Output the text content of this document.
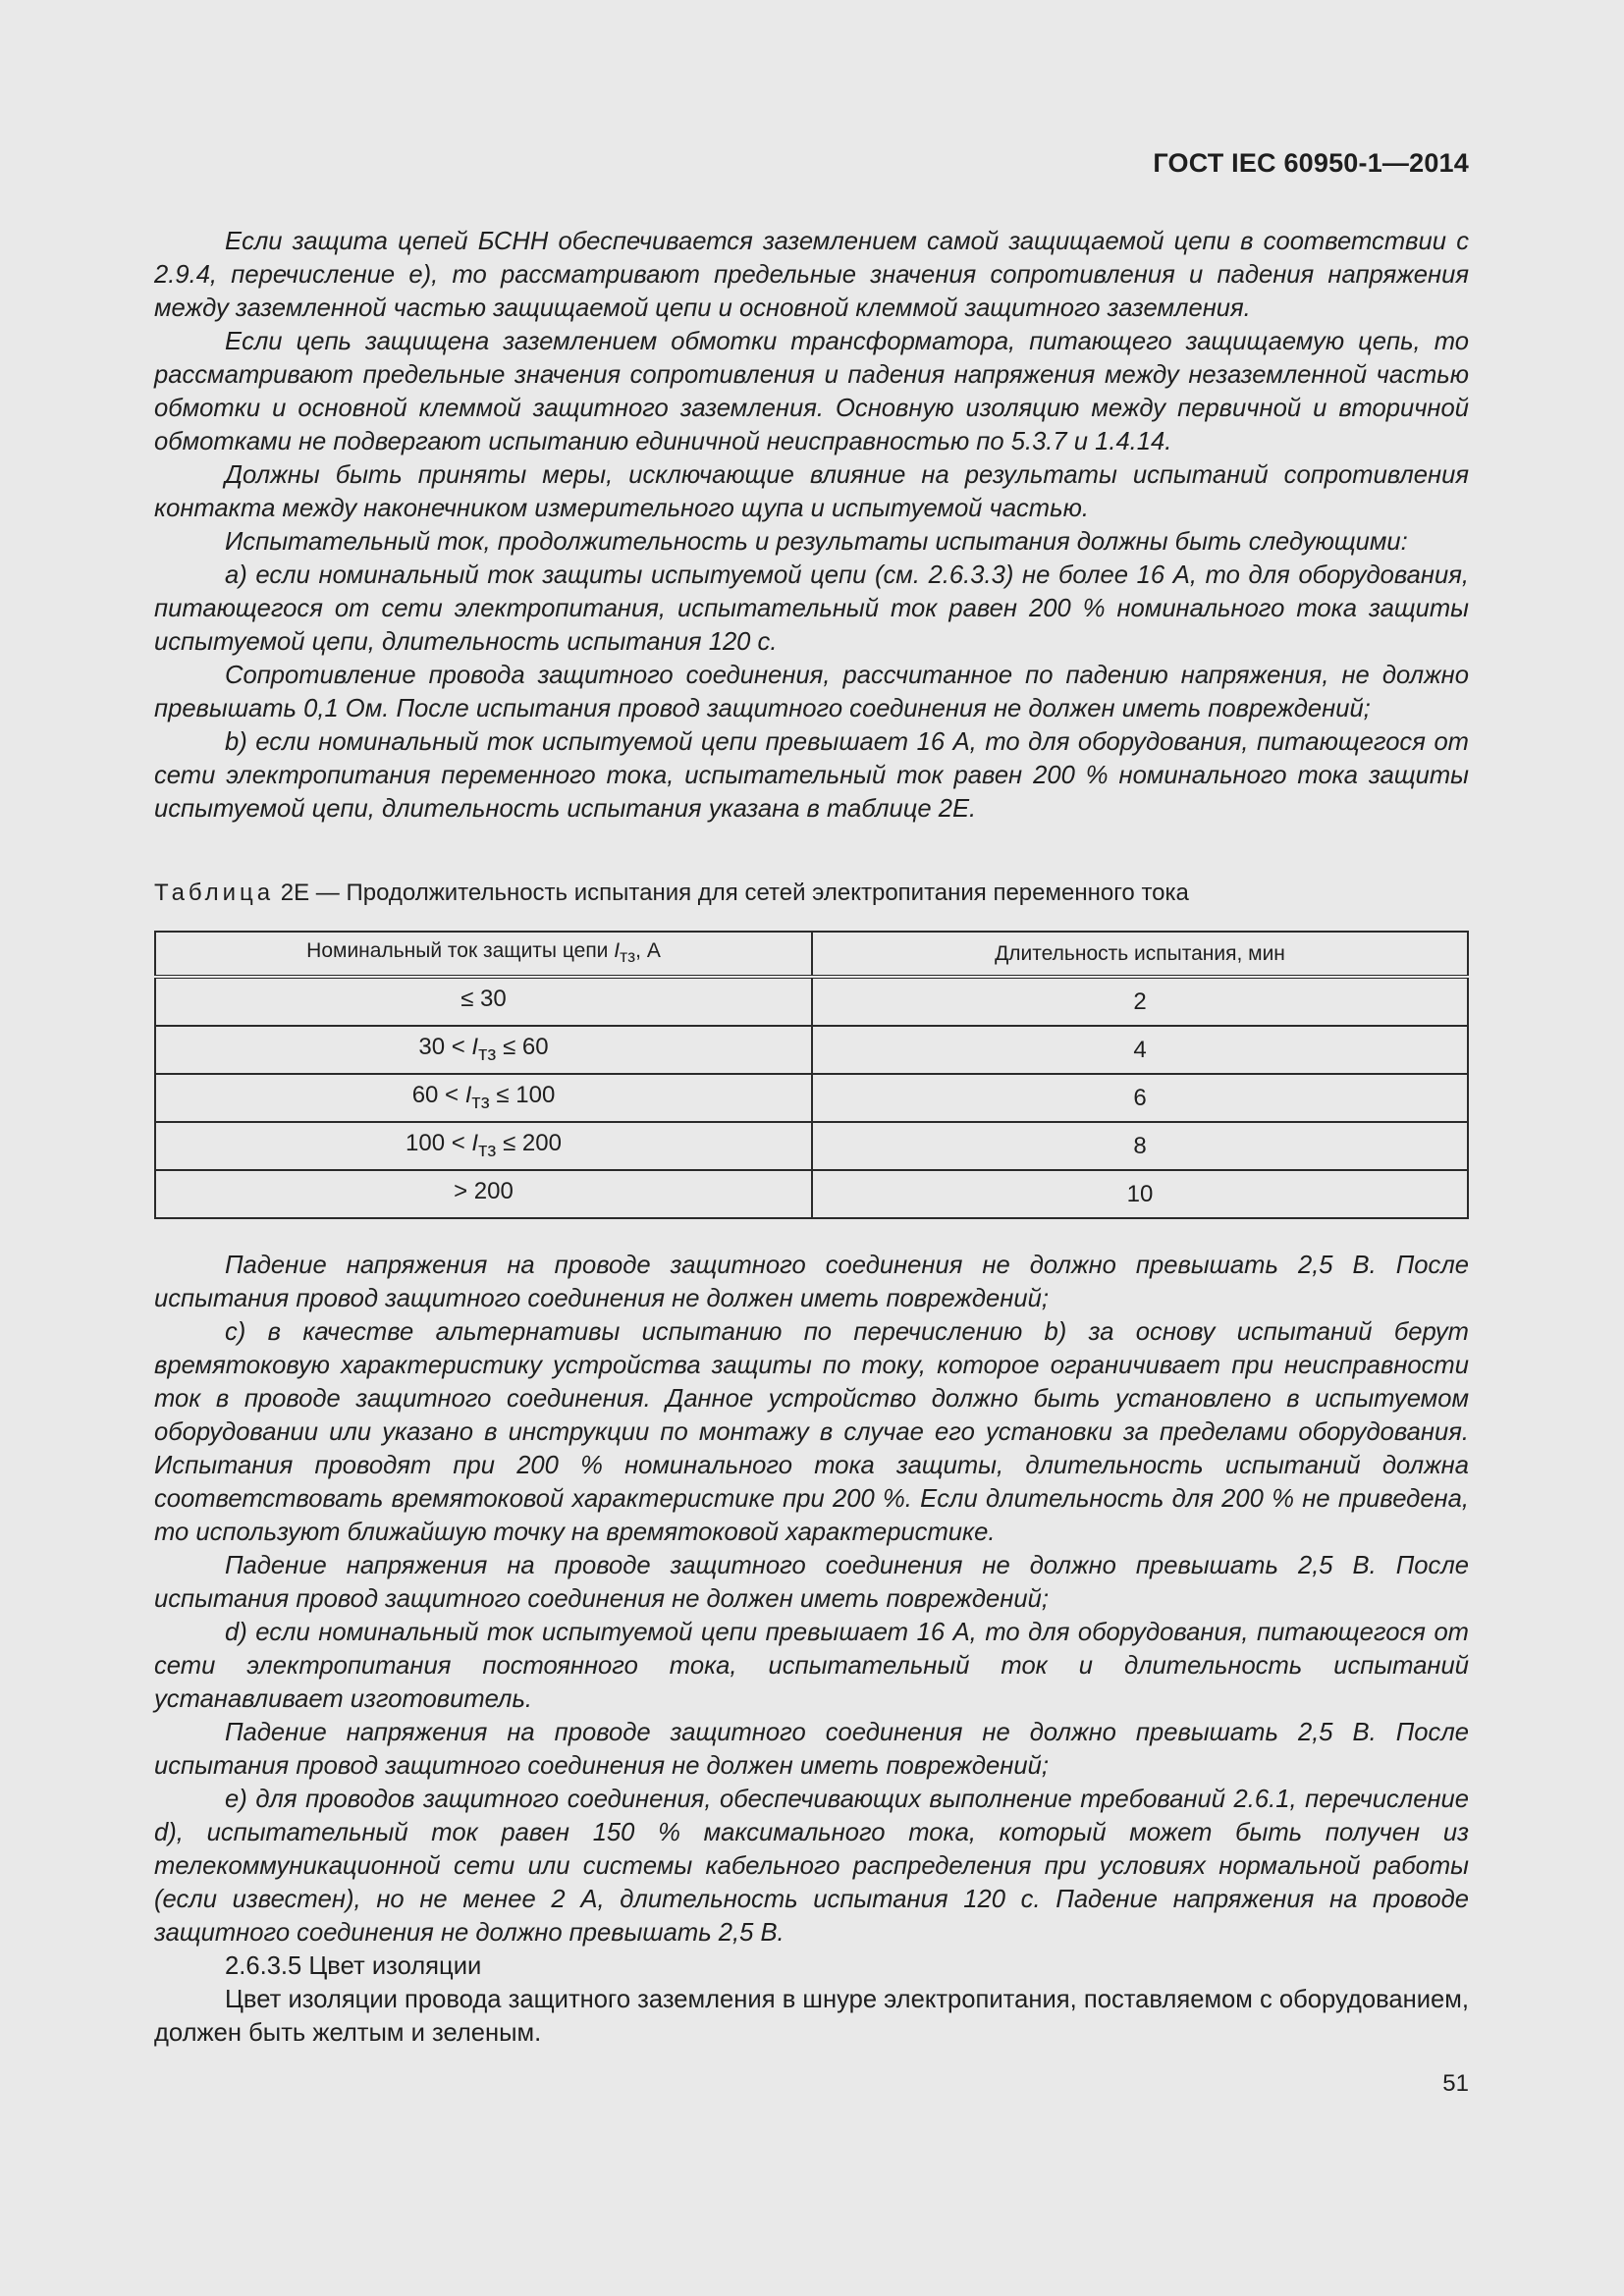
ГОСТ IEC 60950-1—2014

Если защита цепей БСНН обеспечивается заземлением самой защищаемой цепи в соответствии с 2.9.4, перечисление е), то рассматривают предельные значения сопротивления и падения напряжения между заземленной частью защищаемой цепи и основной клеммой защитного заземления.

Если цепь защищена заземлением обмотки трансформатора, питающего защищаемую цепь, то рассматривают предельные значения сопротивления и падения напряжения между незаземленной частью обмотки и основной клеммой защитного заземления. Основную изоляцию между первичной и вторичной обмотками не подвергают испытанию единичной неисправностью по 5.3.7 и 1.4.14.

Должны быть приняты меры, исключающие влияние на результаты испытаний сопротивления контакта между наконечником измерительного щупа и испытуемой частью.

Испытательный ток, продолжительность и результаты испытания должны быть следующими:

а) если номинальный ток защиты испытуемой цепи (см. 2.6.3.3) не более 16 А, то для оборудования, питающегося от сети электропитания, испытательный ток равен 200 % номинального тока защиты испытуемой цепи, длительность испытания 120 с.

Сопротивление провода защитного соединения, рассчитанное по падению напряжения, не должно превышать 0,1 Ом. После испытания провод защитного соединения не должен иметь повреждений;

b) если номинальный ток испытуемой цепи превышает 16 А, то для оборудования, питающегося от сети электропитания переменного тока, испытательный ток равен 200 % номинального тока защиты испытуемой цепи, длительность испытания указана в таблице 2Е.

Таблица 2Е — Продолжительность испытания для сетей электропитания переменного тока
Номинальный ток защиты цепи $I_{тз}$, А	Длительность испытания, мин
≤ 30	2
$30 < I_{тз} \le 60$	4
$60 < I_{тз} \le 100$	6
$100 < I_{тз} \le 200$	8
> 200	10

Падение напряжения на проводе защитного соединения не должно превышать 2,5 В. После испытания провод защитного соединения не должен иметь повреждений;

с) в качестве альтернативы испытанию по перечислению b) за основу испытаний берут времятоковую характеристику устройства защиты по току, которое ограничивает при неисправности ток в проводе защитного соединения. Данное устройство должно быть установлено в испытуемом оборудовании или указано в инструкции по монтажу в случае его установки за пределами оборудования. Испытания проводят при 200 % номинального тока защиты, длительность испытаний должна соответствовать времятоковой характеристике при 200 %. Если длительность для 200 % не приведена, то используют ближайшую точку на времятоковой характеристике.

Падение напряжения на проводе защитного соединения не должно превышать 2,5 В. После испытания провод защитного соединения не должен иметь повреждений;

d) если номинальный ток испытуемой цепи превышает 16 А, то для оборудования, питающегося от сети электропитания постоянного тока, испытательный ток и длительность испытаний устанавливает изготовитель.

Падение напряжения на проводе защитного соединения не должно превышать 2,5 В. После испытания провод защитного соединения не должен иметь повреждений;

е) для проводов защитного соединения, обеспечивающих выполнение требований 2.6.1, перечисление d), испытательный ток равен 150 % максимального тока, который может быть получен из телекоммуникационной сети или системы кабельного распределения при условиях нормальной работы (если известен), но не менее 2 А, длительность испытания 120 с. Падение напряжения на проводе защитного соединения не должно превышать 2,5 В.

2.6.3.5 Цвет изоляции

Цвет изоляции провода защитного заземления в шнуре электропитания, поставляемом с оборудованием, должен быть желтым и зеленым.

51
